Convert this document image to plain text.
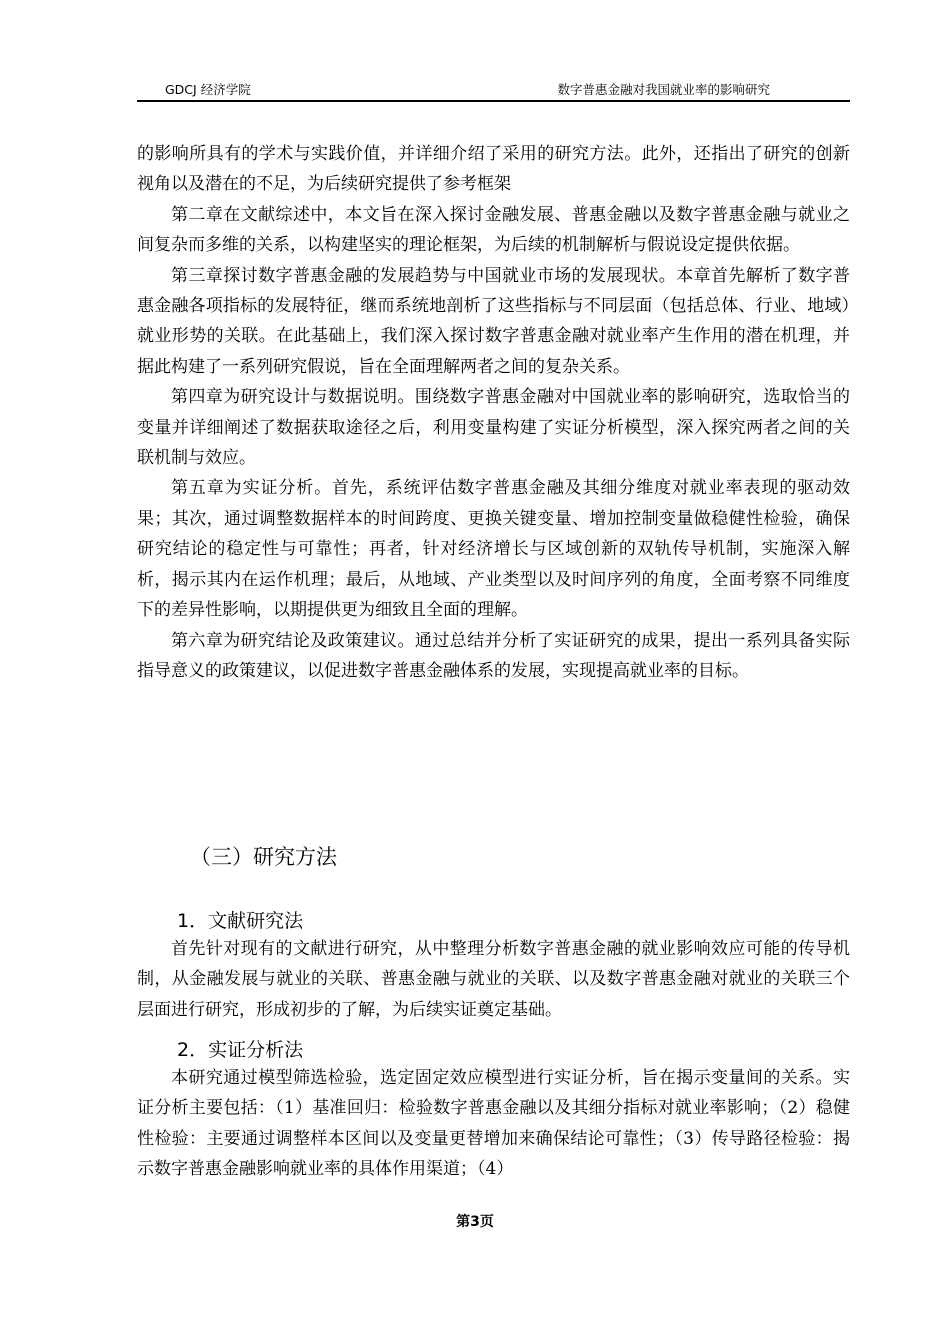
GDCJ 经济学院	数字普惠金融对我国就业率的影响研究

的影响所具有的学术与实践价值，并详细介绍了采用的研究方法。此外，还指出了研究的创新视角以及潜在的不足，为后续研究提供了参考框架

第二章在文献综述中，本文旨在深入探讨金融发展、普惠金融以及数字普惠金融与就业之间复杂而多维的关系，以构建坚实的理论框架，为后续的机制解析与假说设定提供依据。

第三章探讨数字普惠金融的发展趋势与中国就业市场的发展现状。本章首先解析了数字普惠金融各项指标的发展特征，继而系统地剖析了这些指标与不同层面（包括总体、行业、地域）就业形势的关联。在此基础上，我们深入探讨数字普惠金融对就业率产生作用的潜在机理，并据此构建了一系列研究假说，旨在全面理解两者之间的复杂关系。

第四章为研究设计与数据说明。围绕数字普惠金融对中国就业率的影响研究，选取恰当的变量并详细阐述了数据获取途径之后，利用变量构建了实证分析模型，深入探究两者之间的关联机制与效应。

第五章为实证分析。首先，系统评估数字普惠金融及其细分维度对就业率表现的驱动效果；其次，通过调整数据样本的时间跨度、更换关键变量、增加控制变量做稳健性检验，确保研究结论的稳定性与可靠性；再者，针对经济增长与区域创新的双轨传导机制，实施深入解析，揭示其内在运作机理；最后，从地域、产业类型以及时间序列的角度，全面考察不同维度下的差异性影响，以期提供更为细致且全面的理解。

第六章为研究结论及政策建议。通过总结并分析了实证研究的成果，提出一系列具备实际指导意义的政策建议，以促进数字普惠金融体系的发展，实现提高就业率的目标。

（三）研究方法
1．文献研究法

首先针对现有的文献进行研究，从中整理分析数字普惠金融的就业影响效应可能的传导机制，从金融发展与就业的关联、普惠金融与就业的关联、以及数字普惠金融对就业的关联三个层面进行研究，形成初步的了解，为后续实证奠定基础。

2．实证分析法

本研究通过模型筛选检验，选定固定效应模型进行实证分析，旨在揭示变量间的关系。实证分析主要包括：（1）基准回归：检验数字普惠金融以及其细分指标对就业率影响；（2）稳健性检验：主要通过调整样本区间以及变量更替增加来确保结论可靠性；（3）传导路径检验：揭示数字普惠金融影响就业率的具体作用渠道；（4）

第3页
